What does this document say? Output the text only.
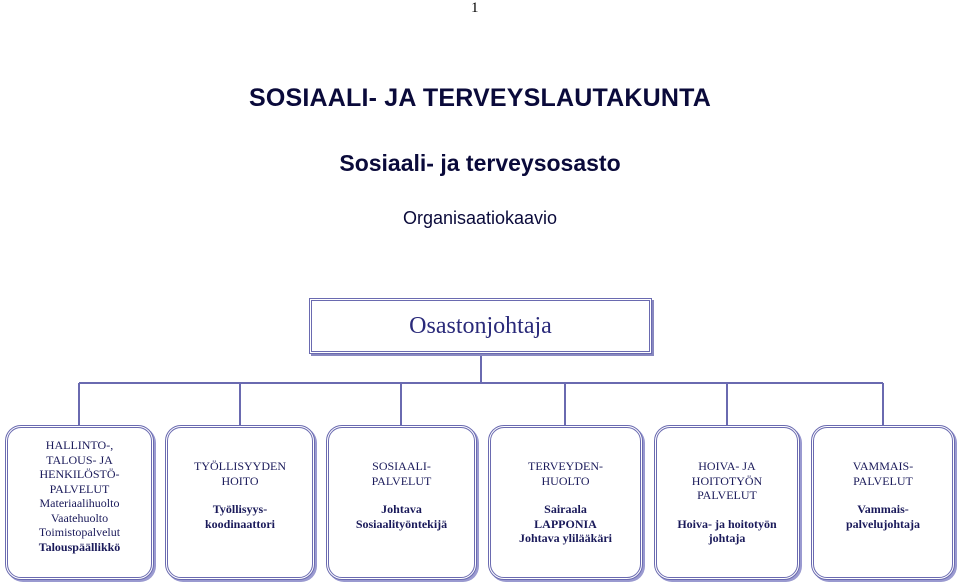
1
SOSIAALI- JA TERVEYSLAUTAKUNTA
Sosiaali- ja terveysosasto
Organisaatiokaavio
Osastonjohtaja
HALLINTO-,
TALOUS- JA
HENKILÖSTÖ-
PALVELUT
Materiaalihuolto
Vaatehuolto
Toimistopalvelut
Talouspäällikkö
TYÖLLISYYDEN
HOITO
Työllisyys-
koodinaattori
SOSIAALI-
PALVELUT
Johtava
Sosiaalityöntekijä
TERVEYDEN-
HUOLTO
Sairaala
LAPPONIA
Johtava ylilääkäri
HOIVA- JA
HOITOTYÖN
PALVELUT
Hoiva- ja hoitotyön
johtaja
VAMMAIS-
PALVELUT
Vammais-
palvelujohtaja
